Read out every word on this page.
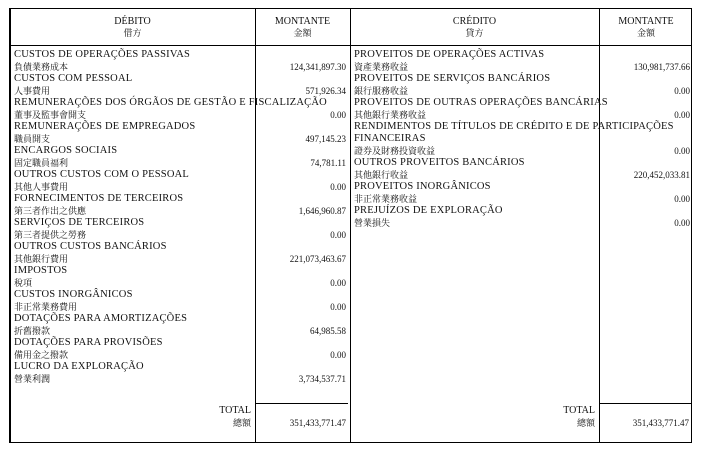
DÉBITO
借方
MONTANTE
金額
CRÉDITO
貸方
MONTANTE
金額
CUSTOS DE OPERAÇÕES PASSIVAS
負債業務成本	124,341,897.30
CUSTOS COM PESSOAL
人事費用	571,926.34
REMUNERAÇÕES DOS ÓRGÃOS DE GESTÃO E FISCALIZAÇÃO
董事及監事會開支	0.00
REMUNERAÇÕES DE EMPREGADOS
職員開支	497,145.23
ENCARGOS SOCIAIS
固定職員福利	74,781.11
OUTROS CUSTOS COM O PESSOAL
其他人事費用	0.00
FORNECIMENTOS DE TERCEIROS
第三者作出之供應	1,646,960.87
SERVIÇOS DE TERCEIROS
第三者提供之勞務	0.00
OUTROS CUSTOS BANCÁRIOS
其他銀行費用	221,073,463.67
IMPOSTOS
稅項	0.00
CUSTOS INORGÂNICOS
非正常業務費用	0.00
DOTAÇÕES PARA AMORTIZAÇÕES
折舊撥款	64,985.58
DOTAÇÕES PARA PROVISÕES
備用金之撥款	0.00
LUCRO DA EXPLORAÇÃO
營業利潤	3,734,537.71
PROVEITOS DE OPERAÇÕES ACTIVAS
資產業務收益	130,981,737.66
PROVEITOS DE SERVIÇOS BANCÁRIOS
銀行服務收益	0.00
PROVEITOS DE OUTRAS OPERAÇÕES BANCÁRIAS
其他銀行業務收益	0.00
RENDIMENTOS DE TÍTULOS DE CRÉDITO E DE PARTICIPAÇÕES FINANCEIRAS
證券及財務投資收益	0.00
OUTROS PROVEITOS BANCÁRIOS
其他銀行收益	220,452,033.81
PROVEITOS INORGÂNICOS
非正常業務收益	0.00
PREJUÍZOS DE EXPLORAÇÃO
營業損失	0.00
TOTAL
總額	351,433,771.47
TOTAL
總額	351,433,771.47
